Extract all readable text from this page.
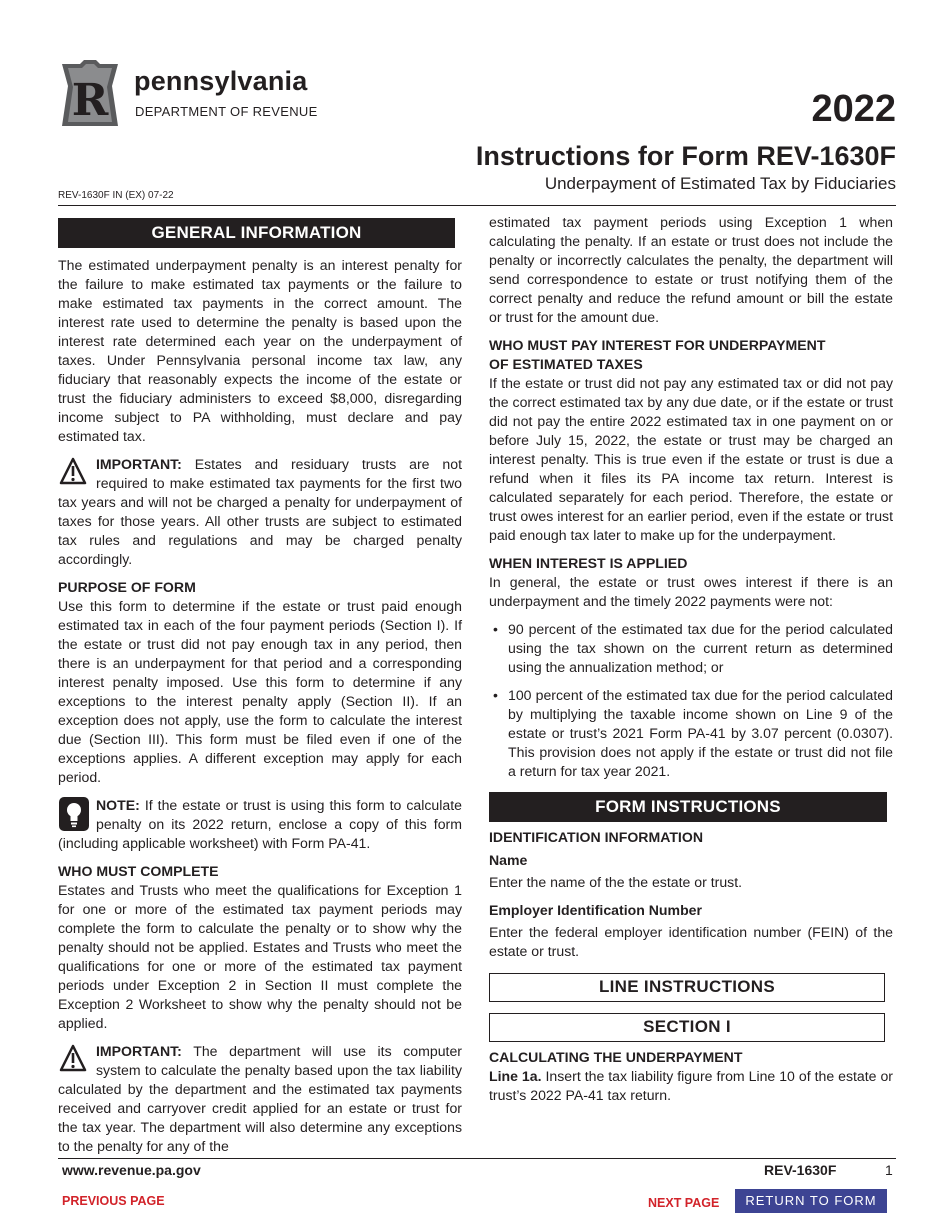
R pennsylvania
DEPARTMENT OF REVENUE	2022
Instructions for Form REV-1630F
Underpayment of Estimated Tax by Fiduciaries
REV-1630F IN (EX) 07-22
GENERAL INFORMATION

The estimated underpayment penalty is an interest penalty for the failure to make estimated tax payments or the failure to make estimated tax payments in the correct amount. The interest rate used to determine the penalty is based upon the interest rate determined each year on the underpayment of taxes. Under Pennsylvania personal income tax law, any fiduciary that reasonably expects the income of the estate or trust the fiduciary administers to exceed $8,000, disregarding income subject to PA withholding, must declare and pay estimated tax.

IMPORTANT: Estates and residuary trusts are not required to make estimated tax payments for the first two tax years and will not be charged a penalty for underpayment of taxes for those years. All other trusts are subject to estimated tax rules and regulations and may be charged penalty accordingly.

PURPOSE OF FORM

Use this form to determine if the estate or trust paid enough estimated tax in each of the four payment periods (Section I). If the estate or trust did not pay enough tax in any period, then there is an underpayment for that period and a corresponding interest penalty imposed. Use this form to determine if any exceptions to the interest penalty apply (Section II). If an exception does not apply, use the form to calculate the interest due (Section III). This form must be filed even if one of the exceptions applies. A different exception may apply for each period.

NOTE: If the estate or trust is using this form to calculate penalty on its 2022 return, enclose a copy of this form (including applicable worksheet) with Form PA-41.

WHO MUST COMPLETE

Estates and Trusts who meet the qualifications for Exception 1 for one or more of the estimated tax payment periods may complete the form to calculate the penalty or to show why the penalty should not be applied. Estates and Trusts who meet the qualifications for one or more of the estimated tax payment periods under Exception 2 in Section II must complete the Exception 2 Worksheet to show why the penalty should not be applied.

IMPORTANT: The department will use its computer system to calculate the penalty based upon the tax liability calculated by the department and the estimated tax payments received and carryover credit applied for an estate or trust for the tax year. The department will also determine any exceptions to the penalty for any of the

estimated tax payment periods using Exception 1 when calculating the penalty. If an estate or trust does not include the penalty or incorrectly calculates the penalty, the department will send correspondence to estate or trust notifying them of the correct penalty and reduce the refund amount or bill the estate or trust for the amount due.

WHO MUST PAY INTEREST FOR UNDERPAYMENT
OF ESTIMATED TAXES

If the estate or trust did not pay any estimated tax or did not pay the correct estimated tax by any due date, or if the estate or trust did not pay the entire 2022 estimated tax in one payment on or before July 15, 2022, the estate or trust may be charged an interest penalty. This is true even if the estate or trust is due a refund when it files its PA income tax return. Interest is calculated separately for each period. Therefore, the estate or trust owes interest for an earlier period, even if the estate or trust paid enough tax later to make up for the underpayment.

WHEN INTEREST IS APPLIED

In general, the estate or trust owes interest if there is an underpayment and the timely 2022 payments were not:

• 90 percent of the estimated tax due for the period calculated using the tax shown on the current return as determined using the annualization method; or
• 100 percent of the estimated tax due for the period calculated by multiplying the taxable income shown on Line 9 of the estate or trust’s 2021 Form PA-41 by 3.07 percent (0.0307). This provision does not apply if the estate or trust did not file a return for tax year 2021.
FORM INSTRUCTIONS
IDENTIFICATION INFORMATION
Name

Enter the name of the the estate or trust.

Employer Identification Number

Enter the federal employer identification number (FEIN) of the estate or trust.

LINE INSTRUCTIONS
SECTION I
CALCULATING THE UNDERPAYMENT

Line 1a. Insert the tax liability figure from Line 10 of the estate or trust’s 2022 PA-41 tax return.

www.revenue.pa.gov	REV-1630F	1
PREVIOUS PAGE	NEXT PAGE	RETURN TO FORM
